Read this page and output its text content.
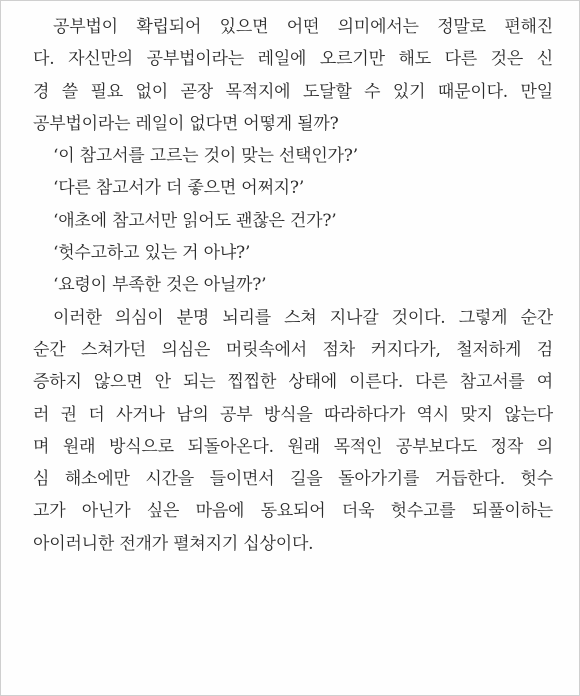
공부법이 확립되어 있으면 어떤 의미에서는 정말로 편해진
다. 자신만의 공부법이라는 레일에 오르기만 해도 다른 것은 신
경 쓸 필요 없이 곧장 목적지에 도달할 수 있기 때문이다. 만일
공부법이라는 레일이 없다면 어떻게 될까?
‘이 참고서를 고르는 것이 맞는 선택인가?’
‘다른 참고서가 더 좋으면 어쩌지?’
‘애초에 참고서만 읽어도 괜찮은 건가?’
‘헛수고하고 있는 거 아냐?’
‘요령이 부족한 것은 아닐까?’
이러한 의심이 분명 뇌리를 스쳐 지나갈 것이다. 그렇게 순간
순간 스쳐가던 의심은 머릿속에서 점차 커지다가, 철저하게 검
증하지 않으면 안 되는 찝찝한 상태에 이른다. 다른 참고서를 여
러 권 더 사거나 남의 공부 방식을 따라하다가 역시 맞지 않는다
며 원래 방식으로 되돌아온다. 원래 목적인 공부보다도 정작 의
심 해소에만 시간을 들이면서 길을 돌아가기를 거듭한다. 헛수
고가 아닌가 싶은 마음에 동요되어 더욱 헛수고를 되풀이하는
아이러니한 전개가 펼쳐지기 십상이다.
